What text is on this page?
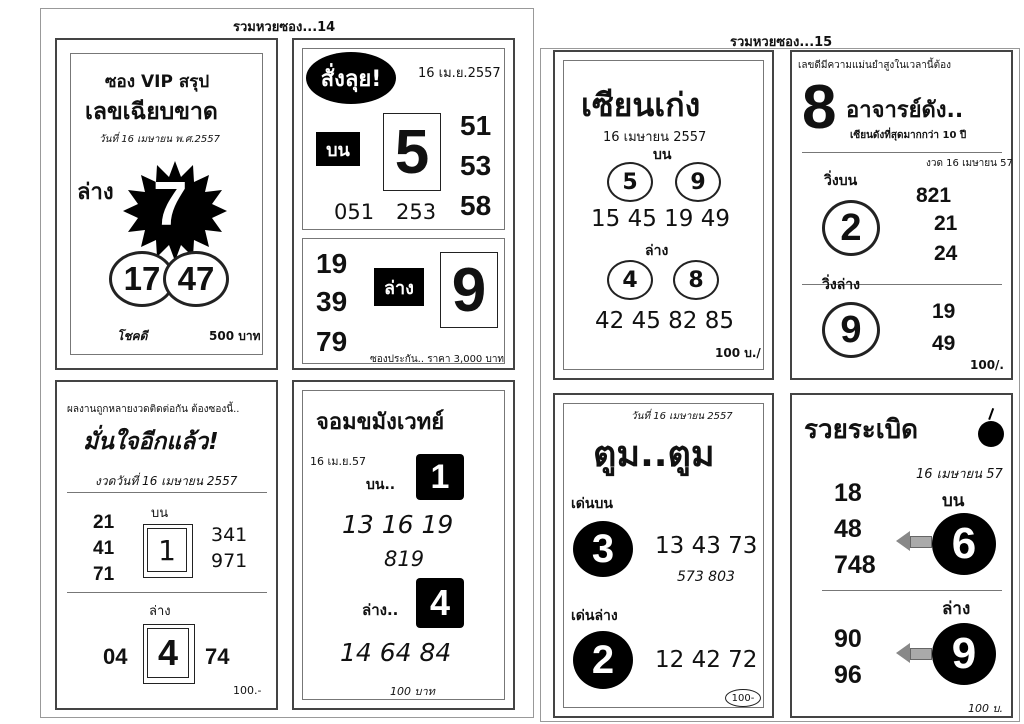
รวมหวยซอง...14
รวมหวยซอง...15
ซอง VIP สรุป
เลขเฉียบขาด
วันที่ 16 เมษายน พ.ศ.2557
ล่าง 7
17 47
โชคดี	500 บาท
สั่งลุย!	16 เม.ย.2557
บน 5 51
53
58
051 253
19
39
79
ล่าง 9
ซองประกัน.. ราคา 3,000 บาท
ผลงานถูกหลายงวดติดต่อกัน ต้องซองนี้..
มั่นใจอีกแล้ว!
งวดวันที่ 16 เมษายน 2557
บน
21
41
71
1 341
971
ล่าง
04 4 74
100.-
จอมขมังเวทย์
16 เม.ย.57
บน.. 1
13 16 19
819
ล่าง.. 4
14 64 84
100 บาท
เซียนเก่ง
16 เมษายน 2557
บน
5 9
15 45 19 49
ล่าง
4 8
42 45 82 85
100 บ./
เลขดีมีความแม่นยำสูงในเวลานี้ต้อง
8 อาจารย์ดัง..
เซียนดังที่สุดมากกว่า 10 ปี
งวด 16 เมษายน 57
วิ่งบน
2
821
21
24
วิ่งล่าง
9	19
49
100/.
วันที่ 16 เมษายน 2557
ตูม..ตูม
เด่นบน
3 13 43 73
573 803
เด่นล่าง
2 12 42 72
100-
รวยระเบิด
16 เมษายน 57
18	บน
48
748 6
ล่าง
90
96 9
100 บ.
